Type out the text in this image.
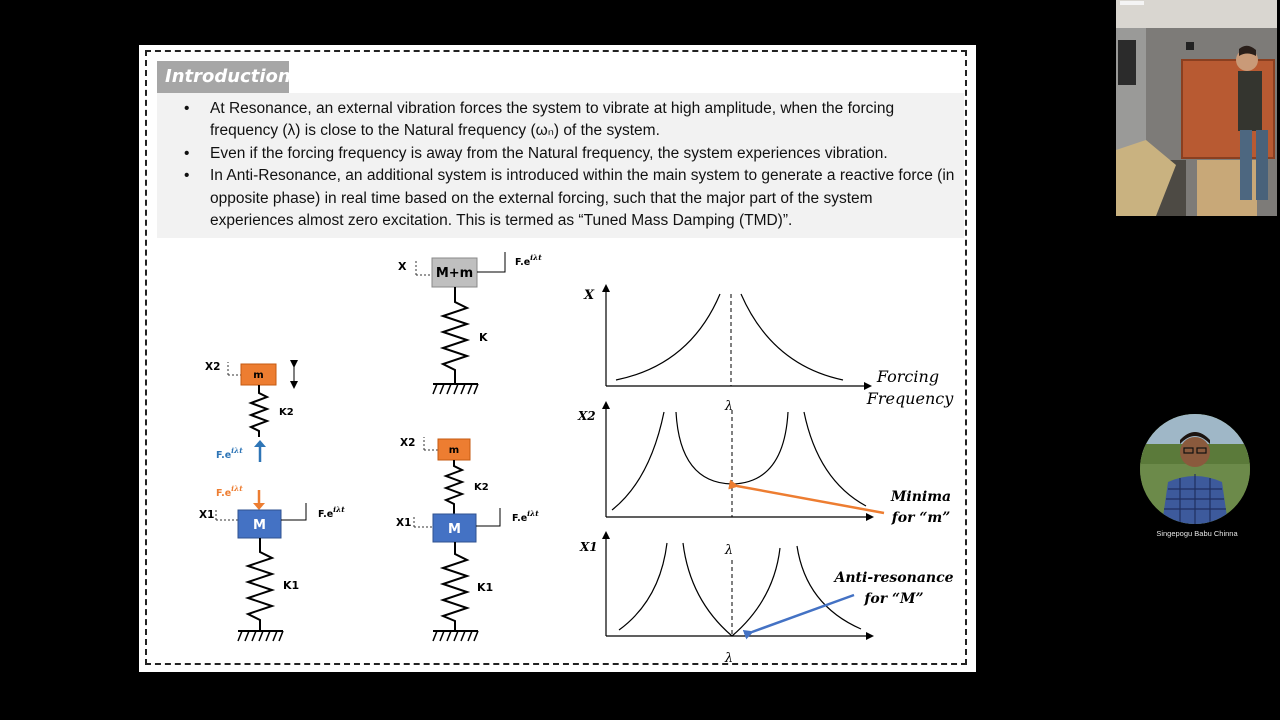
Introduction:
• At Resonance, an external vibration forces the system to vibrate at high amplitude, when the forcing frequency (λ) is close to the Natural frequency (ωₙ) of the system.
• Even if the forcing frequency is away from the Natural frequency, the system experiences vibration.
• In Anti-Resonance, an additional system is introduced within the main system to generate a reactive force (in opposite phase) in real time based on the external forcing, such that the major part of the system experiences almost zero excitation. This is termed as “Tuned Mass Damping (TMD)”.
X M+m
$F.e^{i\lambda t}$
K
X2
m
K2
$F.e^{i\lambda t}$
$F.e^{i\lambda t}$
X1
M
$F.e^{i\lambda t}$
K1
X2
m
K2
X1	M
$F.e^{i\lambda t}$
K1
X
λ
Forcing
Frequency
X2
Minima
for “m”
λ
X1
Anti-resonance
for “M”
λ
Singepogu Babu Chinna
